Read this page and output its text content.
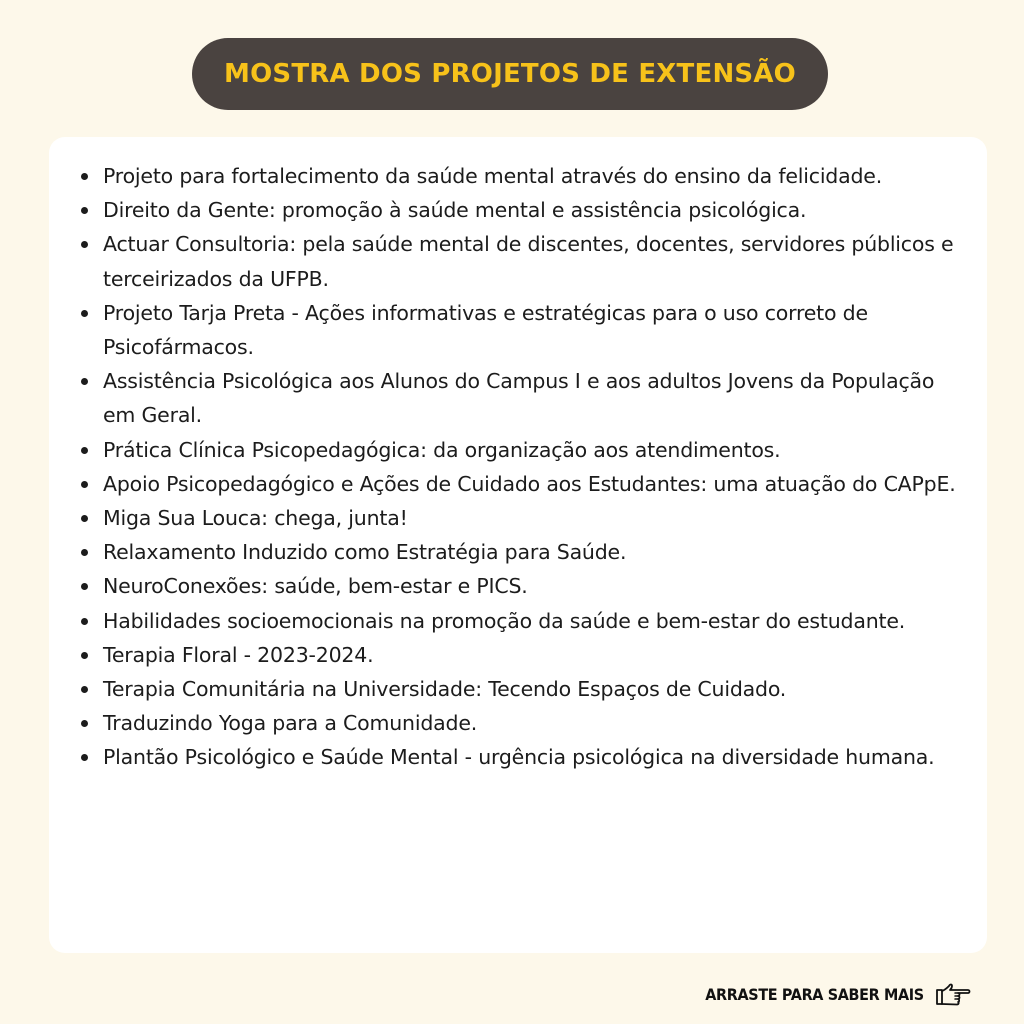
MOSTRA DOS PROJETOS DE EXTENSÃO
Projeto para fortalecimento da saúde mental através do ensino da felicidade.
Direito da Gente: promoção à saúde mental e assistência psicológica.
Actuar Consultoria: pela saúde mental de discentes, docentes, servidores públicos e terceirizados da UFPB.
Projeto Tarja Preta - Ações informativas e estratégicas para o uso correto de Psicofármacos.
Assistência Psicológica aos Alunos do Campus I e aos adultos Jovens da População em Geral.
Prática Clínica Psicopedagógica: da organização aos atendimentos.
Apoio Psicopedagógico e Ações de Cuidado aos Estudantes: uma atuação do CAPpE.
Miga Sua Louca: chega, junta!
Relaxamento Induzido como Estratégia para Saúde.
NeuroConexões: saúde, bem-estar e PICS.
Habilidades socioemocionais na promoção da saúde e bem-estar do estudante.
Terapia Floral - 2023-2024.
Terapia Comunitária na Universidade: Tecendo Espaços de Cuidado.
Traduzindo Yoga para a Comunidade.
Plantão Psicológico e Saúde Mental - urgência psicológica na diversidade humana.
ARRASTE PARA SABER MAIS
